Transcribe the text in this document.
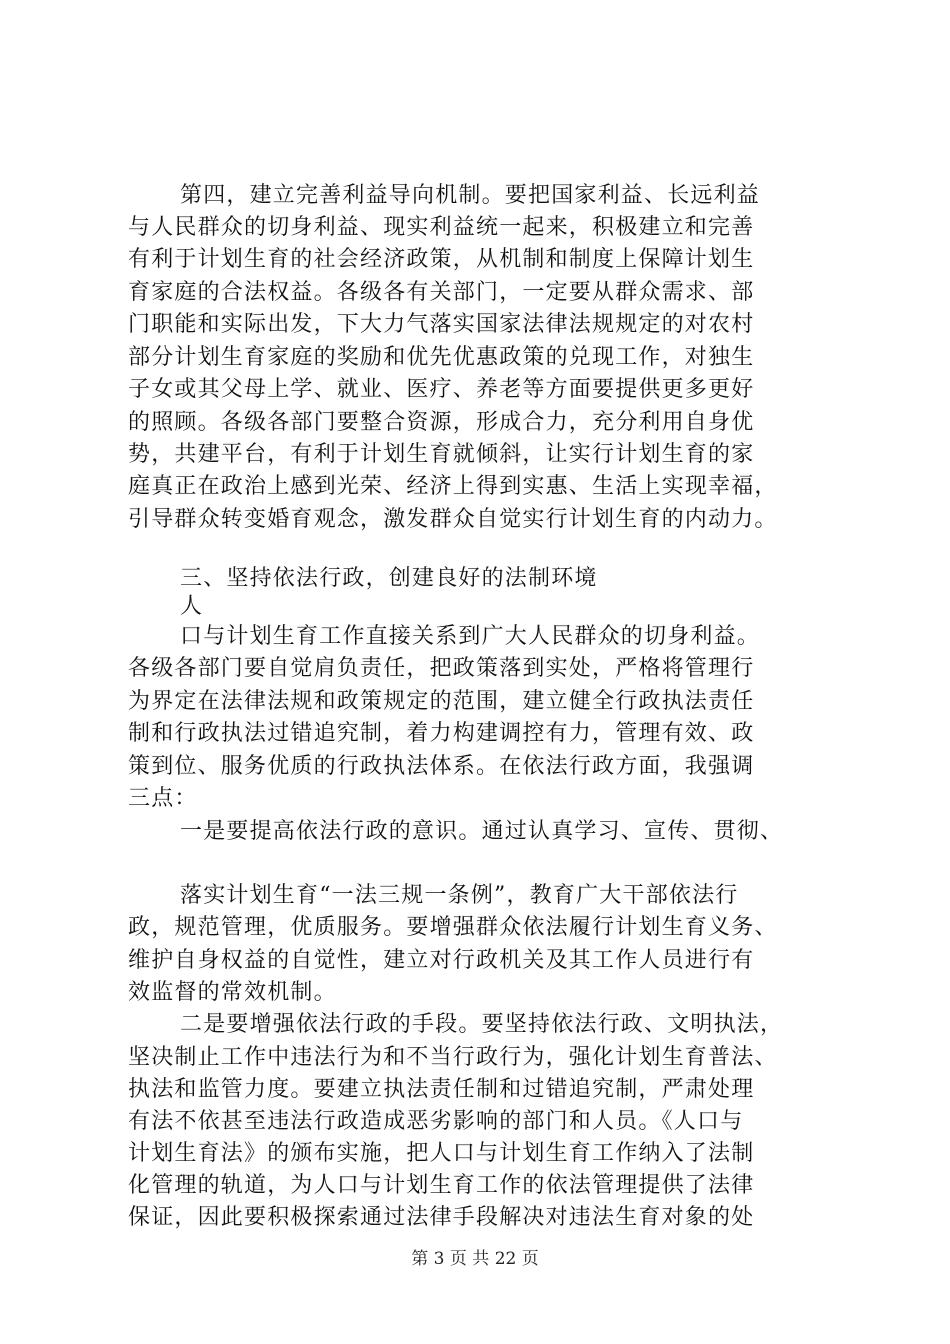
第四，建立完善利益导向机制。要把国家利益、长远利益
与人民群众的切身利益、现实利益统一起来，积极建立和完善
有利于计划生育的社会经济政策，从机制和制度上保障计划生
育家庭的合法权益。各级各有关部门，一定要从群众需求、部
门职能和实际出发，下大力气落实国家法律法规规定的对农村
部分计划生育家庭的奖励和优先优惠政策的兑现工作，对独生
子女或其父母上学、就业、医疗、养老等方面要提供更多更好
的照顾。各级各部门要整合资源，形成合力，充分利用自身优
势，共建平台，有利于计划生育就倾斜，让实行计划生育的家
庭真正在政治上感到光荣、经济上得到实惠、生活上实现幸福，
引导群众转变婚育观念，激发群众自觉实行计划生育的内动力。
三、坚持依法行政，创建良好的法制环境
人
口与计划生育工作直接关系到广大人民群众的切身利益。
各级各部门要自觉肩负责任，把政策落到实处，严格将管理行
为界定在法律法规和政策规定的范围，建立健全行政执法责任
制和行政执法过错追究制，着力构建调控有力，管理有效、政
策到位、服务优质的行政执法体系。在依法行政方面，我强调
三点：
一是要提高依法行政的意识。通过认真学习、宣传、贯彻、
落实计划生育“一法三规一条例”，教育广大干部依法行
政，规范管理，优质服务。要增强群众依法履行计划生育义务、
维护自身权益的自觉性，建立对行政机关及其工作人员进行有
效监督的常效机制。
二是要增强依法行政的手段。要坚持依法行政、文明执法，
坚决制止工作中违法行为和不当行政行为，强化计划生育普法、
执法和监管力度。要建立执法责任制和过错追究制，严肃处理
有法不依甚至违法行政造成恶劣影响的部门和人员。《人口与
计划生育法》的颁布实施，把人口与计划生育工作纳入了法制
化管理的轨道，为人口与计划生育工作的依法管理提供了法律
保证，因此要积极探索通过法律手段解决对违法生育对象的处
第 3 页 共 22 页
